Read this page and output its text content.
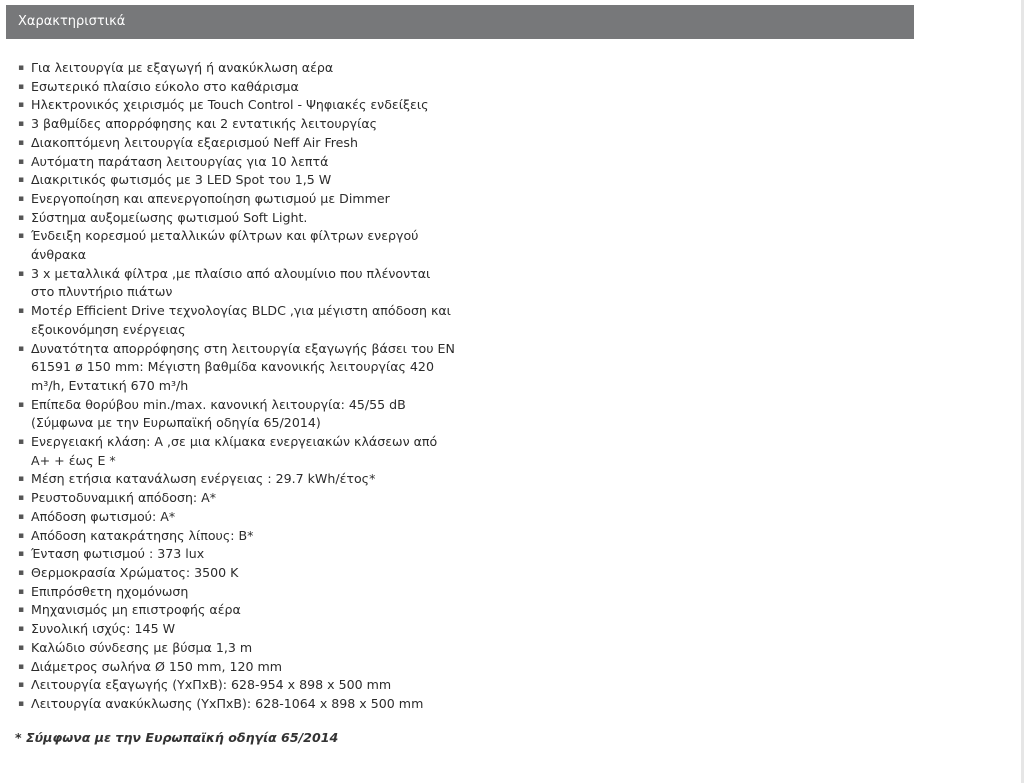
Χαρακτηριστικά
▪ Για λειτουργία με εξαγωγή ή ανακύκλωση αέρα
▪ Εσωτερικό πλαίσιο εύκολο στο καθάρισμα
▪ Ηλεκτρονικός χειρισμός με Touch Control - Ψηφιακές ενδείξεις
▪ 3 βαθμίδες απορρόφησης και 2 εντατικής λειτουργίας
▪ Διακοπτόμενη λειτουργία εξαερισμού Neff Air Fresh
▪ Αυτόματη παράταση λειτουργίας για 10 λεπτά
▪ Διακριτικός φωτισμός με 3 LED Spot του 1,5 W
▪ Ενεργοποίηση και απενεργοποίηση φωτισμού με Dimmer
▪ Σύστημα αυξομείωσης φωτισμού Soft Light.
▪ Ένδειξη κορεσμού μεταλλικών φίλτρων και φίλτρων ενεργού άνθρακα
▪ 3 x μεταλλικά φίλτρα ,με πλαίσιο από αλουμίνιο που πλένονται στο πλυντήριο πιάτων
▪ Μοτέρ Efficient Drive τεχνολογίας BLDC ,για μέγιστη απόδοση και εξοικονόμηση ενέργειας
▪ Δυνατότητα απορρόφησης στη λειτουργία εξαγωγής βάσει του EN 61591 ø 150 mm: Μέγιστη βαθμίδα κανονικής λειτουργίας 420 m³/h, Εντατική 670 m³/h
▪ Επίπεδα θορύβου min./max. κανονική λειτουργία: 45/55 dB (Σύμφωνα με την Ευρωπαϊκή οδηγία 65/2014)
▪ Ενεργειακή κλάση: A ,σε μια κλίμακα ενεργειακών κλάσεων από A+ + έως E *
▪ Μέση ετήσια κατανάλωση ενέργειας : 29.7 kWh/έτος*
▪ Ρευστοδυναμική απόδοση: A*
▪ Απόδοση φωτισμού: A*
▪ Απόδοση κατακράτησης λίπους: B*
▪ Ένταση φωτισμού : 373 lux
▪ Θερμοκρασία Χρώματος: 3500 K
▪ Επιπρόσθετη ηχομόνωση
▪ Μηχανισμός μη επιστροφής αέρα
▪ Συνολική ισχύς: 145 W
▪ Καλώδιο σύνδεσης με βύσμα 1,3 m
▪ Διάμετρος σωλήνα Ø 150 mm, 120 mm
▪ Λειτουργία εξαγωγής (ΥxΠxΒ): 628-954 x 898 x 500 mm
▪ Λειτουργία ανακύκλωσης (ΥxΠxΒ): 628-1064 x 898 x 500 mm
* Σύμφωνα με την Ευρωπαϊκή οδηγία 65/2014
